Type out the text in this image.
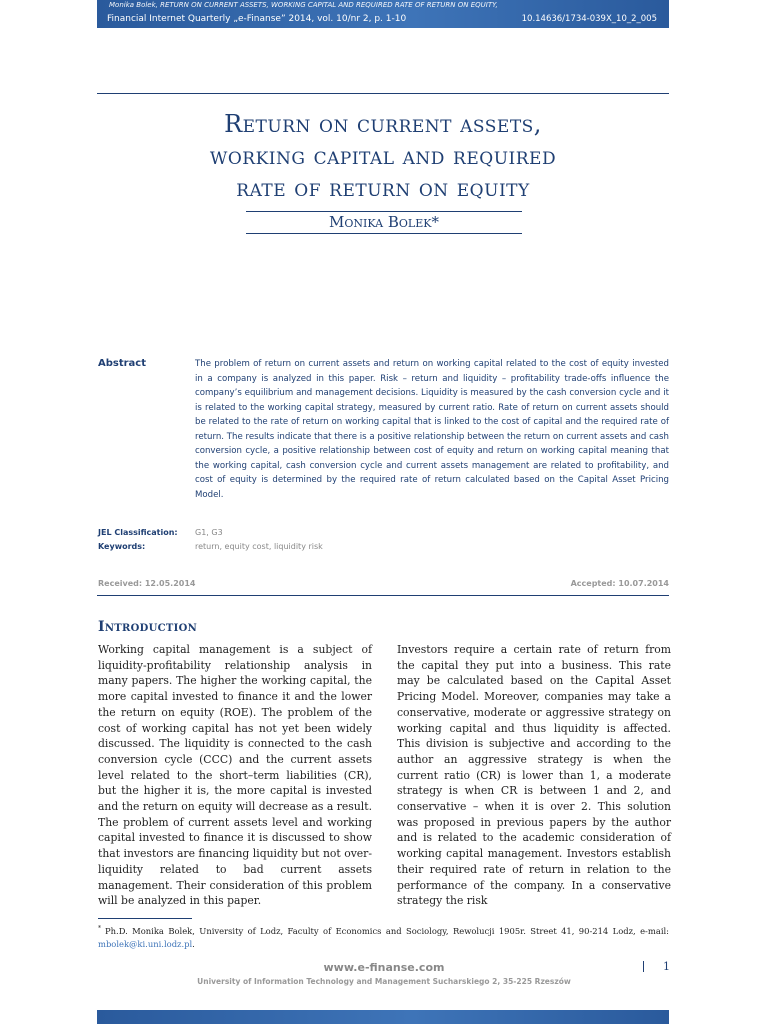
Monika Bolek, RETURN ON CURRENT ASSETS, WORKING CAPITAL AND REQUIRED RATE OF RETURN ON EQUITY,
Financial Internet Quarterly „e-Finanse” 2014, vol. 10/nr 2, p. 1-10	10.14636/1734-039X_10_2_005
Return on current assets,
working capital and required
rate of return on equity
Monika Bolek*
Abstract	The problem of return on current assets and return on working capital related to the cost of equity invested in a company is analyzed in this paper. Risk – return and liquidity – profitability trade-offs influence the company’s equilibrium and management decisions. Liquidity is measured by the cash conversion cycle and it is related to the working capital strategy, measured by current ratio. Rate of return on current assets should be related to the rate of return on working capital that is linked to the cost of capital and the required rate of return. The results indicate that there is a positive relationship between the return on current assets and cash conversion cycle, a positive relationship between cost of equity and return on working capital meaning that the working capital, cash conversion cycle and current assets management are related to profitability, and cost of equity is determined by the required rate of return calculated based on the Capital Asset Pricing Model.

JEL Classification: G1, G3
Keywords:	return, equity cost, liquidity risk
Received: 12.05.2014	Accepted: 10.07.2014
Introduction

Working capital management is a subject of liquidity-profitability relationship analysis in many papers. The higher the working capital, the more capital invested to finance it and the lower the return on equity (ROE). The problem of the cost of working capital has not yet been widely discussed. The liquidity is connected to the cash conversion cycle (CCC) and the current assets level related to the short–term liabilities (CR), but the higher it is, the more capital is invested and the return on equity will decrease as a result. The problem of current assets level and working capital invested to finance it is discussed to show that investors are financing liquidity but not over-liquidity related to bad current assets management. Their consideration of this problem will be analyzed in this paper.

Investors require a certain rate of return from the capital they put into a business. This rate may be calculated based on the Capital Asset Pricing Model. Moreover, companies may take a conservative, moderate or aggressive strategy on working capital and thus liquidity is affected. This division is subjective and according to the author an aggressive strategy is when the current ratio (CR) is lower than 1, a moderate strategy is when CR is between 1 and 2, and conservative – when it is over 2. This solution was proposed in previous papers by the author and is related to the academic consideration of working capital management. Investors establish their required rate of return in relation to the performance of the company. In a conservative strategy the risk

* Ph.D. Monika Bolek, University of Lodz, Faculty of Economics and Sociology, Rewolucji 1905r. Street 41, 90-214 Lodz, e-mail: mbolek@ki.uni.lodz.pl.

www.e-finanse.com
University of Information Technology and Management Sucharskiego 2, 35-225 Rzeszów
1
